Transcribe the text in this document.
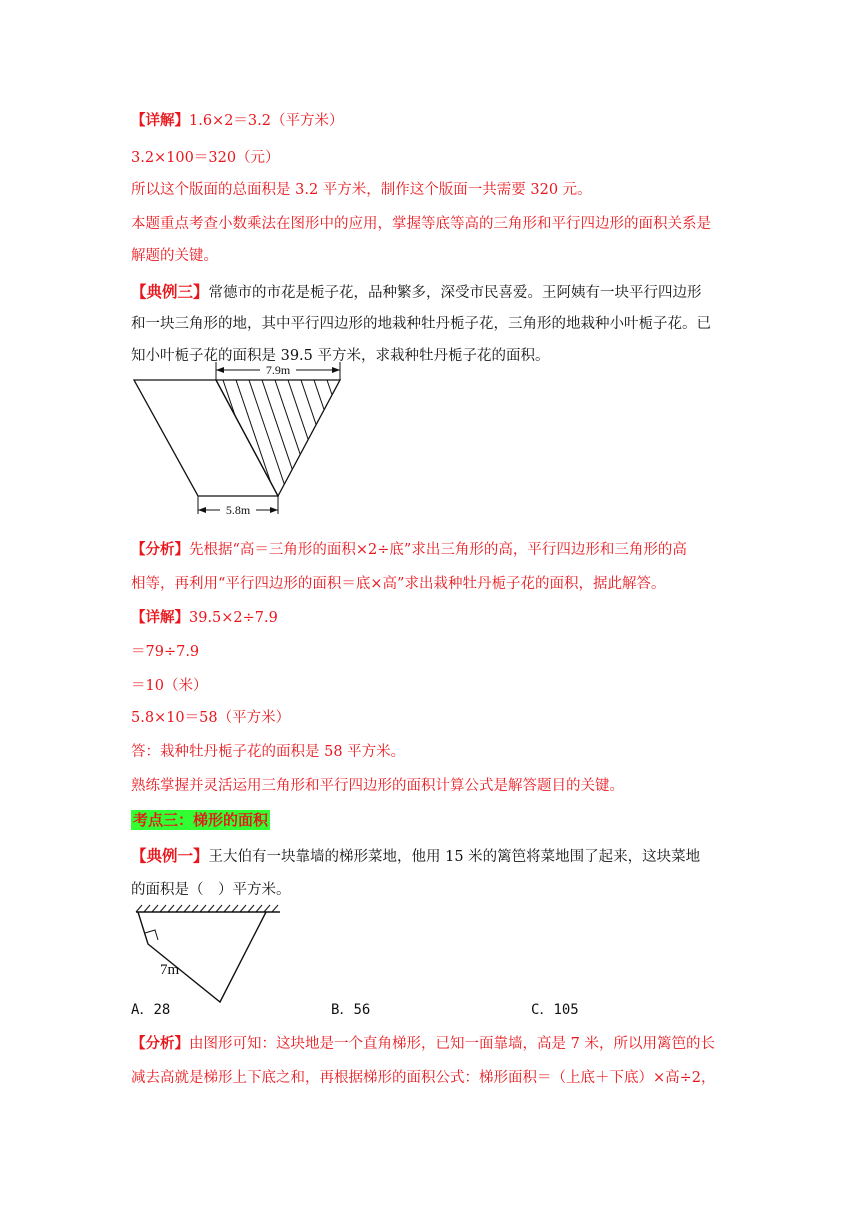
【详解】1.6×2＝3.2（平方米）
3.2×100＝320（元）
所以这个版面的总面积是 3.2 平方米，制作这个版面一共需要 320 元。
本题重点考查小数乘法在图形中的应用，掌握等底等高的三角形和平行四边形的面积关系是
解题的关键。
【典例三】常德市的市花是栀子花，品种繁多，深受市民喜爱。王阿姨有一块平行四边形
和一块三角形的地，其中平行四边形的地栽种牡丹栀子花，三角形的地栽种小叶栀子花。已
知小叶栀子花的面积是 39.5 平方米，求栽种牡丹栀子花的面积。
7.9m
5.8m
【分析】先根据“高＝三角形的面积×2÷底”求出三角形的高，平行四边形和三角形的高
相等，再利用“平行四边形的面积＝底×高”求出栽种牡丹栀子花的面积，据此解答。
【详解】39.5×2÷7.9
＝79÷7.9
＝10（米）
5.8×10＝58（平方米）
答：栽种牡丹栀子花的面积是 58 平方米。
熟练掌握并灵活运用三角形和平行四边形的面积计算公式是解答题目的关键。
考点三：梯形的面积
【典例一】王大伯有一块靠墙的梯形菜地，他用 15 米的篱笆将菜地围了起来，这块菜地
的面积是（　）平方米。
7m
A．28	B．56	C．105
【分析】由图形可知：这块地是一个直角梯形，已知一面靠墙，高是 7 米，所以用篱笆的长
减去高就是梯形上下底之和，再根据梯形的面积公式：梯形面积＝（上底＋下底）×高÷2，
